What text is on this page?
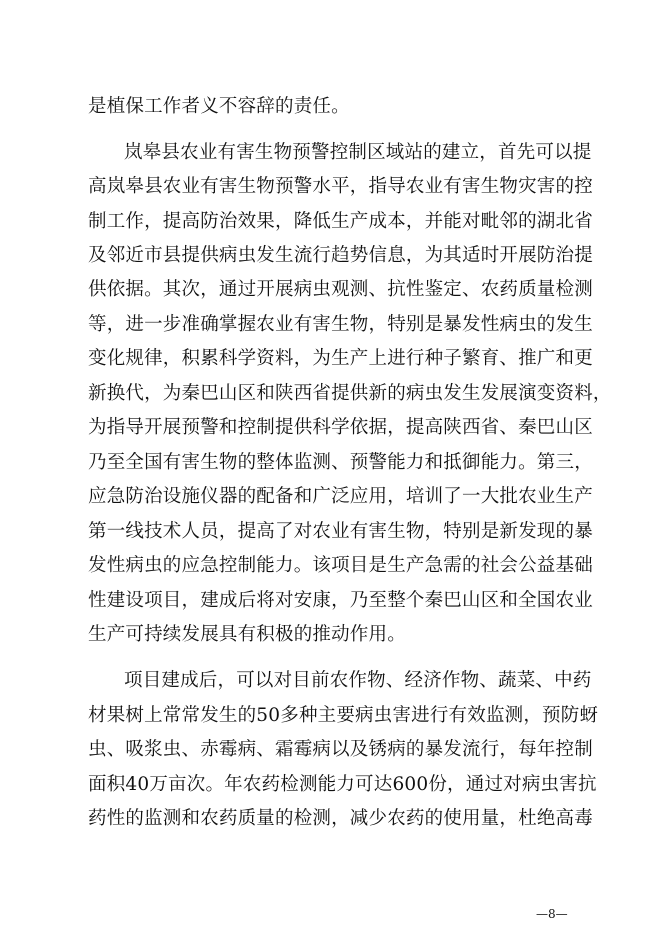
是植保工作者义不容辞的责任。
岚皋县农业有害生物预警控制区域站的建立，首先可以提
高岚皋县农业有害生物预警水平，指导农业有害生物灾害的控
制工作，提高防治效果，降低生产成本，并能对毗邻的湖北省
及邻近市县提供病虫发生流行趋势信息，为其适时开展防治提
供依据。其次，通过开展病虫观测、抗性鉴定、农药质量检测
等，进一步准确掌握农业有害生物，特别是暴发性病虫的发生
变化规律，积累科学资料，为生产上进行种子繁育、推广和更
新换代，为秦巴山区和陕西省提供新的病虫发生发展演变资料，
为指导开展预警和控制提供科学依据，提高陕西省、秦巴山区
乃至全国有害生物的整体监测、预警能力和抵御能力。第三，
应急防治设施仪器的配备和广泛应用，培训了一大批农业生产
第一线技术人员，提高了对农业有害生物，特别是新发现的暴
发性病虫的应急控制能力。该项目是生产急需的社会公益基础
性建设项目，建成后将对安康，乃至整个秦巴山区和全国农业
生产可持续发展具有积极的推动作用。
项目建成后，可以对目前农作物、经济作物、蔬菜、中药
材果树上常常发生的50多种主要病虫害进行有效监测，预防蚜
虫、吸浆虫、赤霉病、霜霉病以及锈病的暴发流行，每年控制
面积40万亩次。年农药检测能力可达600份，通过对病虫害抗
药性的监测和农药质量的检测，减少农药的使用量，杜绝高毒
—8—
